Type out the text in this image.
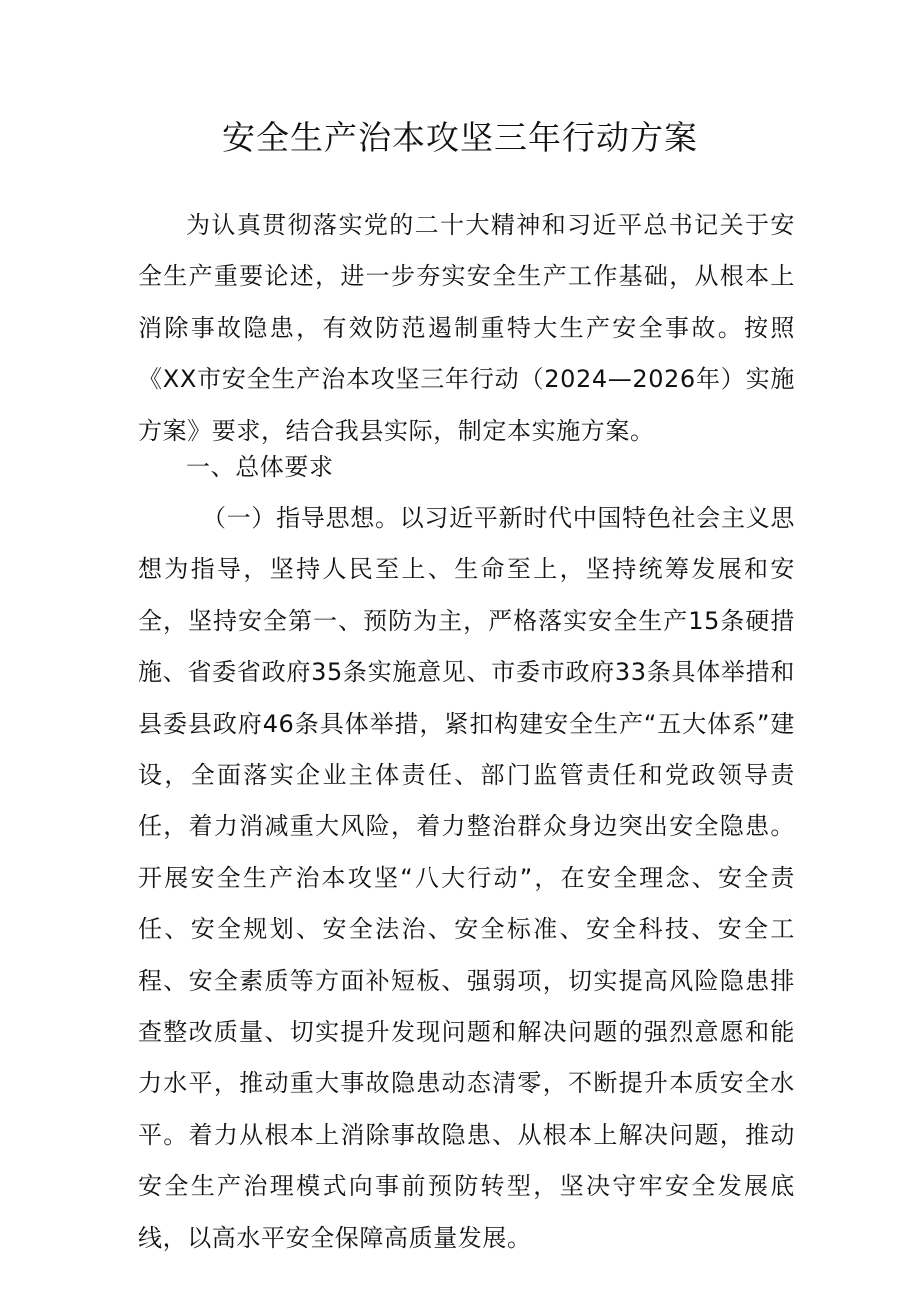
安全生产治本攻坚三年行动方案

为认真贯彻落实党的二十大精神和习近平总书记关于安全生产重要论述，进一步夯实安全生产工作基础，从根本上消除事故隐患，有效防范遏制重特大生产安全事故。按照《XX市安全生产治本攻坚三年行动（2024—2026年）实施方案》要求，结合我县实际，制定本实施方案。

一、总体要求

（一）指导思想。以习近平新时代中国特色社会主义思想为指导，坚持人民至上、生命至上，坚持统筹发展和安全，坚持安全第一、预防为主，严格落实安全生产15条硬措施、省委省政府35条实施意见、市委市政府33条具体举措和县委县政府46条具体举措，紧扣构建安全生产“五大体系”建设，全面落实企业主体责任、部门监管责任和党政领导责任，着力消减重大风险，着力整治群众身边突出安全隐患。开展安全生产治本攻坚“八大行动”，在安全理念、安全责任、安全规划、安全法治、安全标准、安全科技、安全工程、安全素质等方面补短板、强弱项，切实提高风险隐患排查整改质量、切实提升发现问题和解决问题的强烈意愿和能力水平，推动重大事故隐患动态清零，不断提升本质安全水平。着力从根本上消除事故隐患、从根本上解决问题，推动安全生产治理模式向事前预防转型，坚决守牢安全发展底线，以高水平安全保障高质量发展。
